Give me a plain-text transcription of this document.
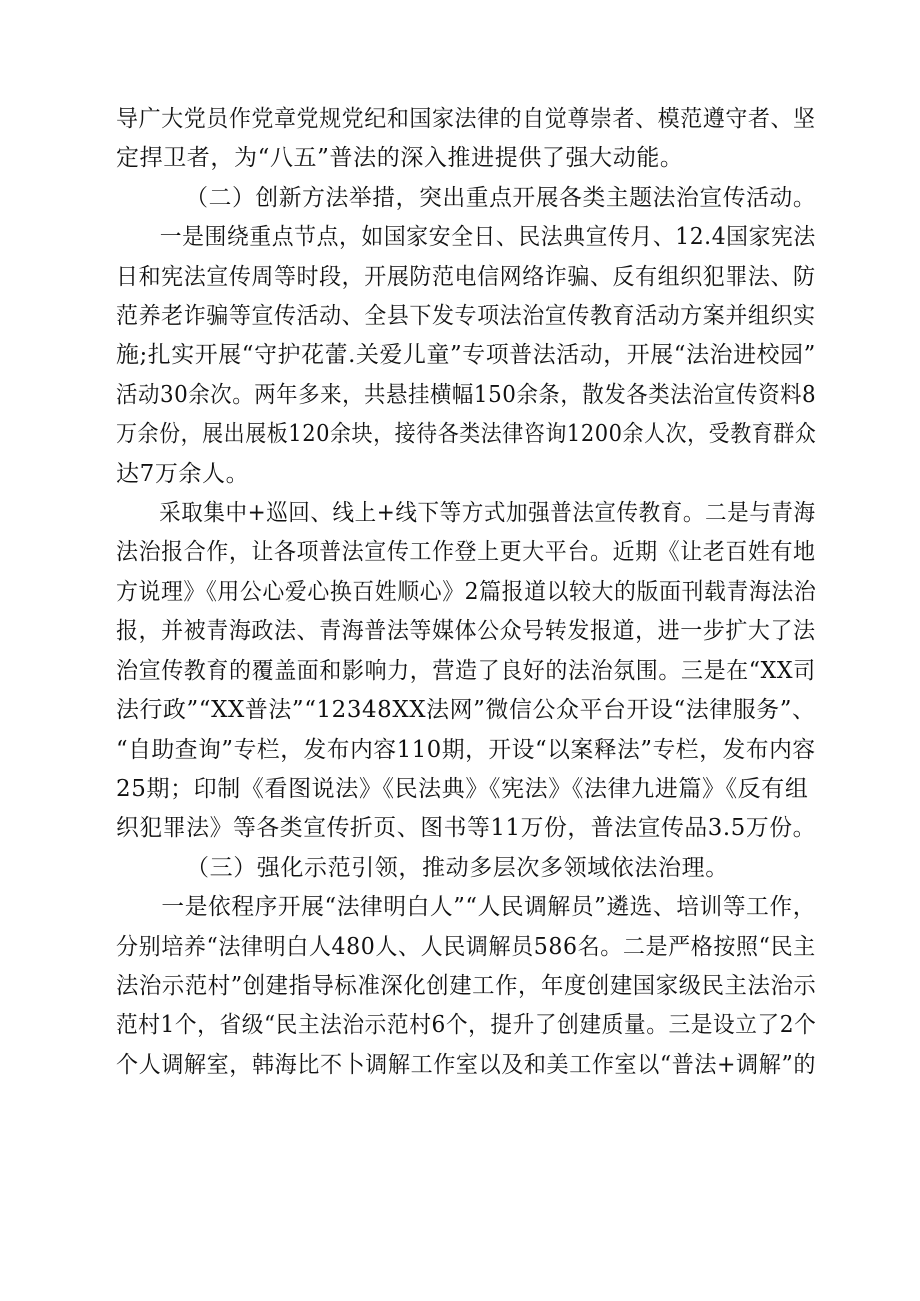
导广大党员作党章党规党纪和国家法律的自觉尊崇者、模范遵守者、坚
定捍卫者，为“八五”普法的深入推进提供了强大动能。
（二）创新方法举措，突出重点开展各类主题法治宣传活动。
一是围绕重点节点，如国家安全日、民法典宣传月、12.4国家宪法
日和宪法宣传周等时段，开展防范电信网络诈骗、反有组织犯罪法、防
范养老诈骗等宣传活动、全县下发专项法治宣传教育活动方案并组织实
施;扎实开展“守护花蕾.关爱儿童”专项普法活动，开展“法治进校园”
活动30余次。两年多来，共悬挂横幅150余条，散发各类法治宣传资料8
万余份，展出展板120余块，接待各类法律咨询1200余人次，受教育群众
达7万余人。
采取集中+巡回、线上+线下等方式加强普法宣传教育。二是与青海
法治报合作，让各项普法宣传工作登上更大平台。近期《让老百姓有地
方说理》《用公心爱心换百姓顺心》2篇报道以较大的版面刊载青海法治
报，并被青海政法、青海普法等媒体公众号转发报道，进一步扩大了法
治宣传教育的覆盖面和影响力，营造了良好的法治氛围。三是在“XX司
法行政”“XX普法”“12348XX法网”微信公众平台开设“法律服务”、
“自助查询”专栏，发布内容110期，开设“以案释法”专栏，发布内容
25期；印制《看图说法》《民法典》《宪法》《法律九进篇》《反有组
织犯罪法》等各类宣传折页、图书等11万份，普法宣传品3.5万份。
（三）强化示范引领，推动多层次多领域依法治理。
一是依程序开展“法律明白人”“人民调解员”遴选、培训等工作，
分别培养“法律明白人480人、人民调解员586名。二是严格按照“民主
法治示范村”创建指导标准深化创建工作，年度创建国家级民主法治示
范村1个，省级“民主法治示范村6个，提升了创建质量。三是设立了2个
个人调解室，韩海比不卜调解工作室以及和美工作室以“普法+调解”的
